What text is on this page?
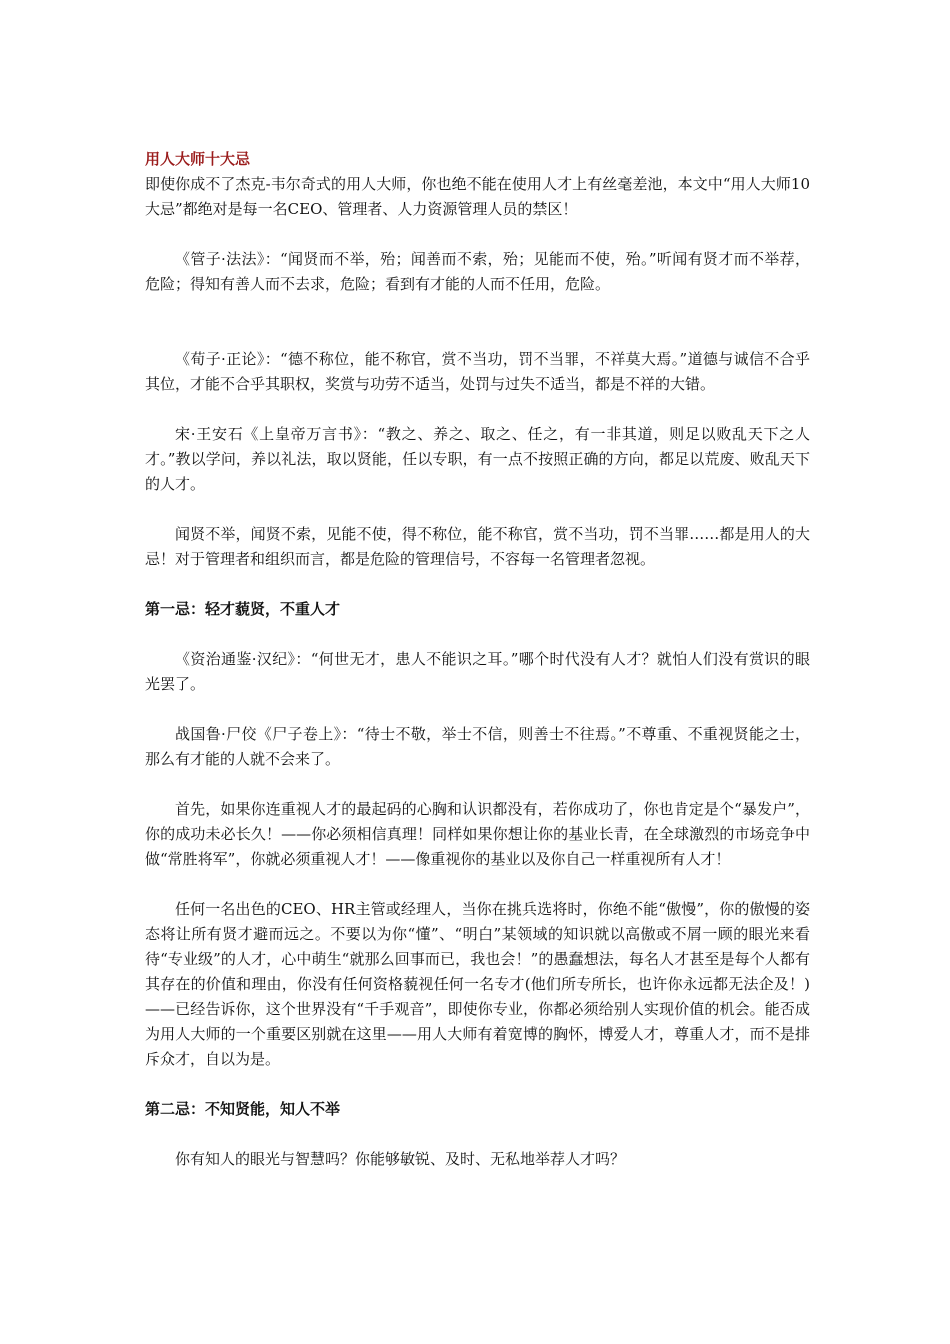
用人大师十大忌

即使你成不了杰克-韦尔奇式的用人大师，你也绝不能在使用人才上有丝毫差池，本文中“用人大师10大忌”都绝对是每一名CEO、管理者、人力资源管理人员的禁区！

《管子·法法》：“闻贤而不举，殆；闻善而不索，殆；见能而不使，殆。”听闻有贤才而不举荐，危险；得知有善人而不去求，危险；看到有才能的人而不任用，危险。

《荀子·正论》：“德不称位，能不称官，赏不当功，罚不当罪，不祥莫大焉。”道德与诚信不合乎其位，才能不合乎其职权，奖赏与功劳不适当，处罚与过失不适当，都是不祥的大错。

宋·王安石《上皇帝万言书》：“教之、养之、取之、任之，有一非其道，则足以败乱天下之人才。”教以学问，养以礼法，取以贤能，任以专职，有一点不按照正确的方向，都足以荒废、败乱天下的人才。

闻贤不举，闻贤不索，见能不使，得不称位，能不称官，赏不当功，罚不当罪……都是用人的大忌！对于管理者和组织而言，都是危险的管理信号，不容每一名管理者忽视。

第一忌：轻才藐贤，不重人才

《资治通鉴·汉纪》：“何世无才，患人不能识之耳。”哪个时代没有人才？就怕人们没有赏识的眼光罢了。

战国鲁·尸佼《尸子卷上》：“待士不敬，举士不信，则善士不往焉。”不尊重、不重视贤能之士，那么有才能的人就不会来了。

首先，如果你连重视人才的最起码的心胸和认识都没有，若你成功了，你也肯定是个“暴发户”，你的成功未必长久！——你必须相信真理！同样如果你想让你的基业长青，在全球激烈的市场竞争中做“常胜将军”，你就必须重视人才！——像重视你的基业以及你自己一样重视所有人才！

任何一名出色的CEO、HR主管或经理人，当你在挑兵选将时，你绝不能“傲慢”，你的傲慢的姿态将让所有贤才避而远之。不要以为你“懂”、“明白”某领域的知识就以高傲或不屑一顾的眼光来看待“专业级”的人才，心中萌生“就那么回事而已，我也会！”的愚蠢想法，每名人才甚至是每个人都有其存在的价值和理由，你没有任何资格藐视任何一名专才(他们所专所长，也许你永远都无法企及！)——已经告诉你，这个世界没有“千手观音”，即使你专业，你都必须给别人实现价值的机会。能否成为用人大师的一个重要区别就在这里——用人大师有着宽博的胸怀，博爱人才，尊重人才，而不是排斥众才，自以为是。

第二忌：不知贤能，知人不举

你有知人的眼光与智慧吗？你能够敏锐、及时、无私地举荐人才吗？
